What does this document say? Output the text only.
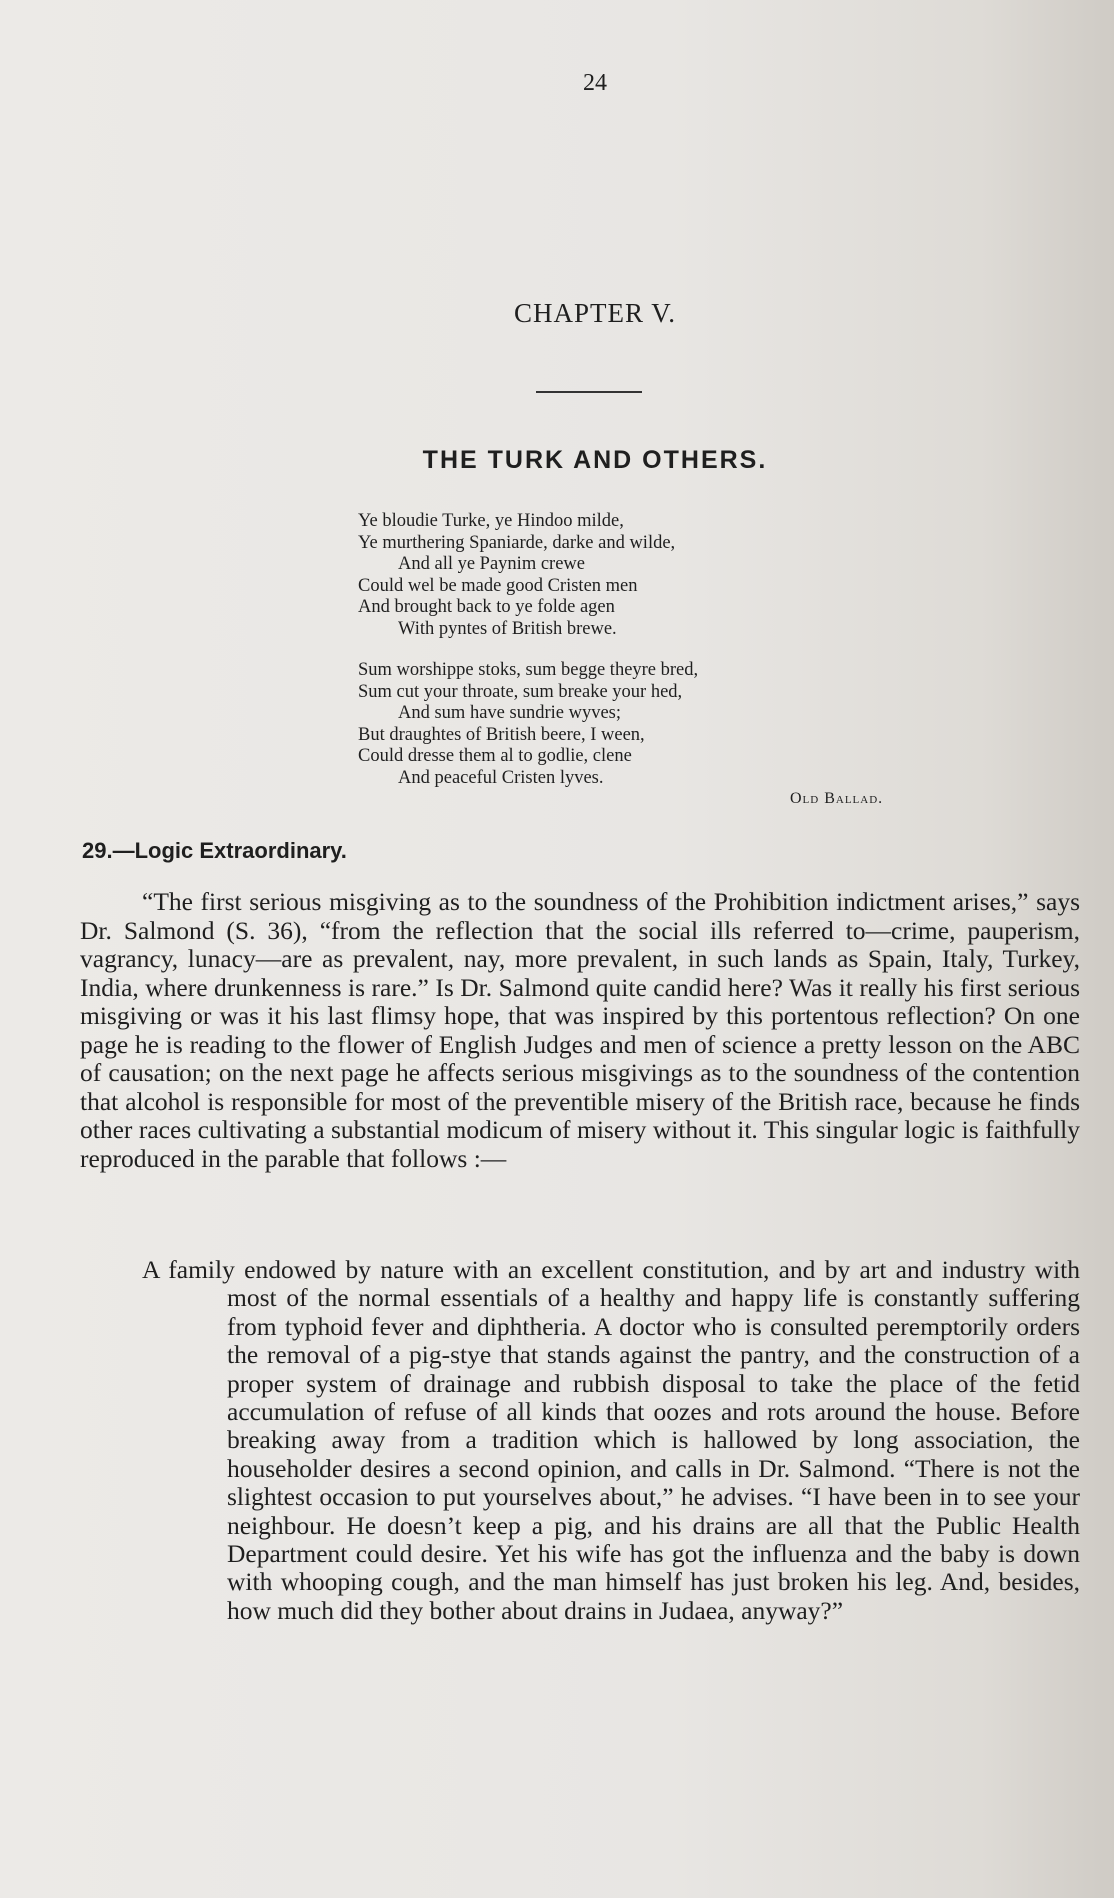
24
CHAPTER V.
THE TURK AND OTHERS.
Ye bloudie Turke, ye Hindoo milde,
Ye murthering Spaniarde, darke and wilde,
And all ye Paynim crewe
Could wel be made good Cristen men
And brought back to ye folde agen
With pyntes of British brewe.
Sum worshippe stoks, sum begge theyre bred,
Sum cut your throate, sum breake your hed,
And sum have sundrie wyves;
But draughtes of British beere, I ween,
Could dresse them al to godlie, clene
And peaceful Cristen lyves.
Old Ballad.
29.—Logic Extraordinary.

“The first serious misgiving as to the soundness of the Prohibition indictment arises,” says Dr. Salmond (S. 36), “from the reflection that the social ills referred to—crime, pauperism, vagrancy, lunacy—are as prevalent, nay, more prevalent, in such lands as Spain, Italy, Turkey, India, where drunkenness is rare.” Is Dr. Salmond quite candid here? Was it really his first serious misgiving or was it his last flimsy hope, that was inspired by this portentous reflection? On one page he is reading to the flower of English Judges and men of science a pretty lesson on the ABC of causation; on the next page he affects serious misgivings as to the soundness of the contention that alcohol is responsible for most of the preventible misery of the British race, because he finds other races cultivating a substantial modicum of misery without it. This singular logic is faithfully reproduced in the parable that follows :—

A family endowed by nature with an excellent constitution, and by art and industry with most of the normal essentials of a healthy and happy life is constantly suffering from typhoid fever and diphtheria. A doctor who is consulted peremptorily orders the removal of a pig-stye that stands against the pantry, and the construction of a proper system of drainage and rubbish disposal to take the place of the fetid accumulation of refuse of all kinds that oozes and rots around the house. Before breaking away from a tradition which is hallowed by long association, the householder desires a second opinion, and calls in Dr. Salmond. “There is not the slightest occasion to put yourselves about,” he advises. “I have been in to see your neighbour. He doesn’t keep a pig, and his drains are all that the Public Health Department could desire. Yet his wife has got the influenza and the baby is down with whooping cough, and the man himself has just broken his leg. And, besides, how much did they bother about drains in Judaea, anyway?”
